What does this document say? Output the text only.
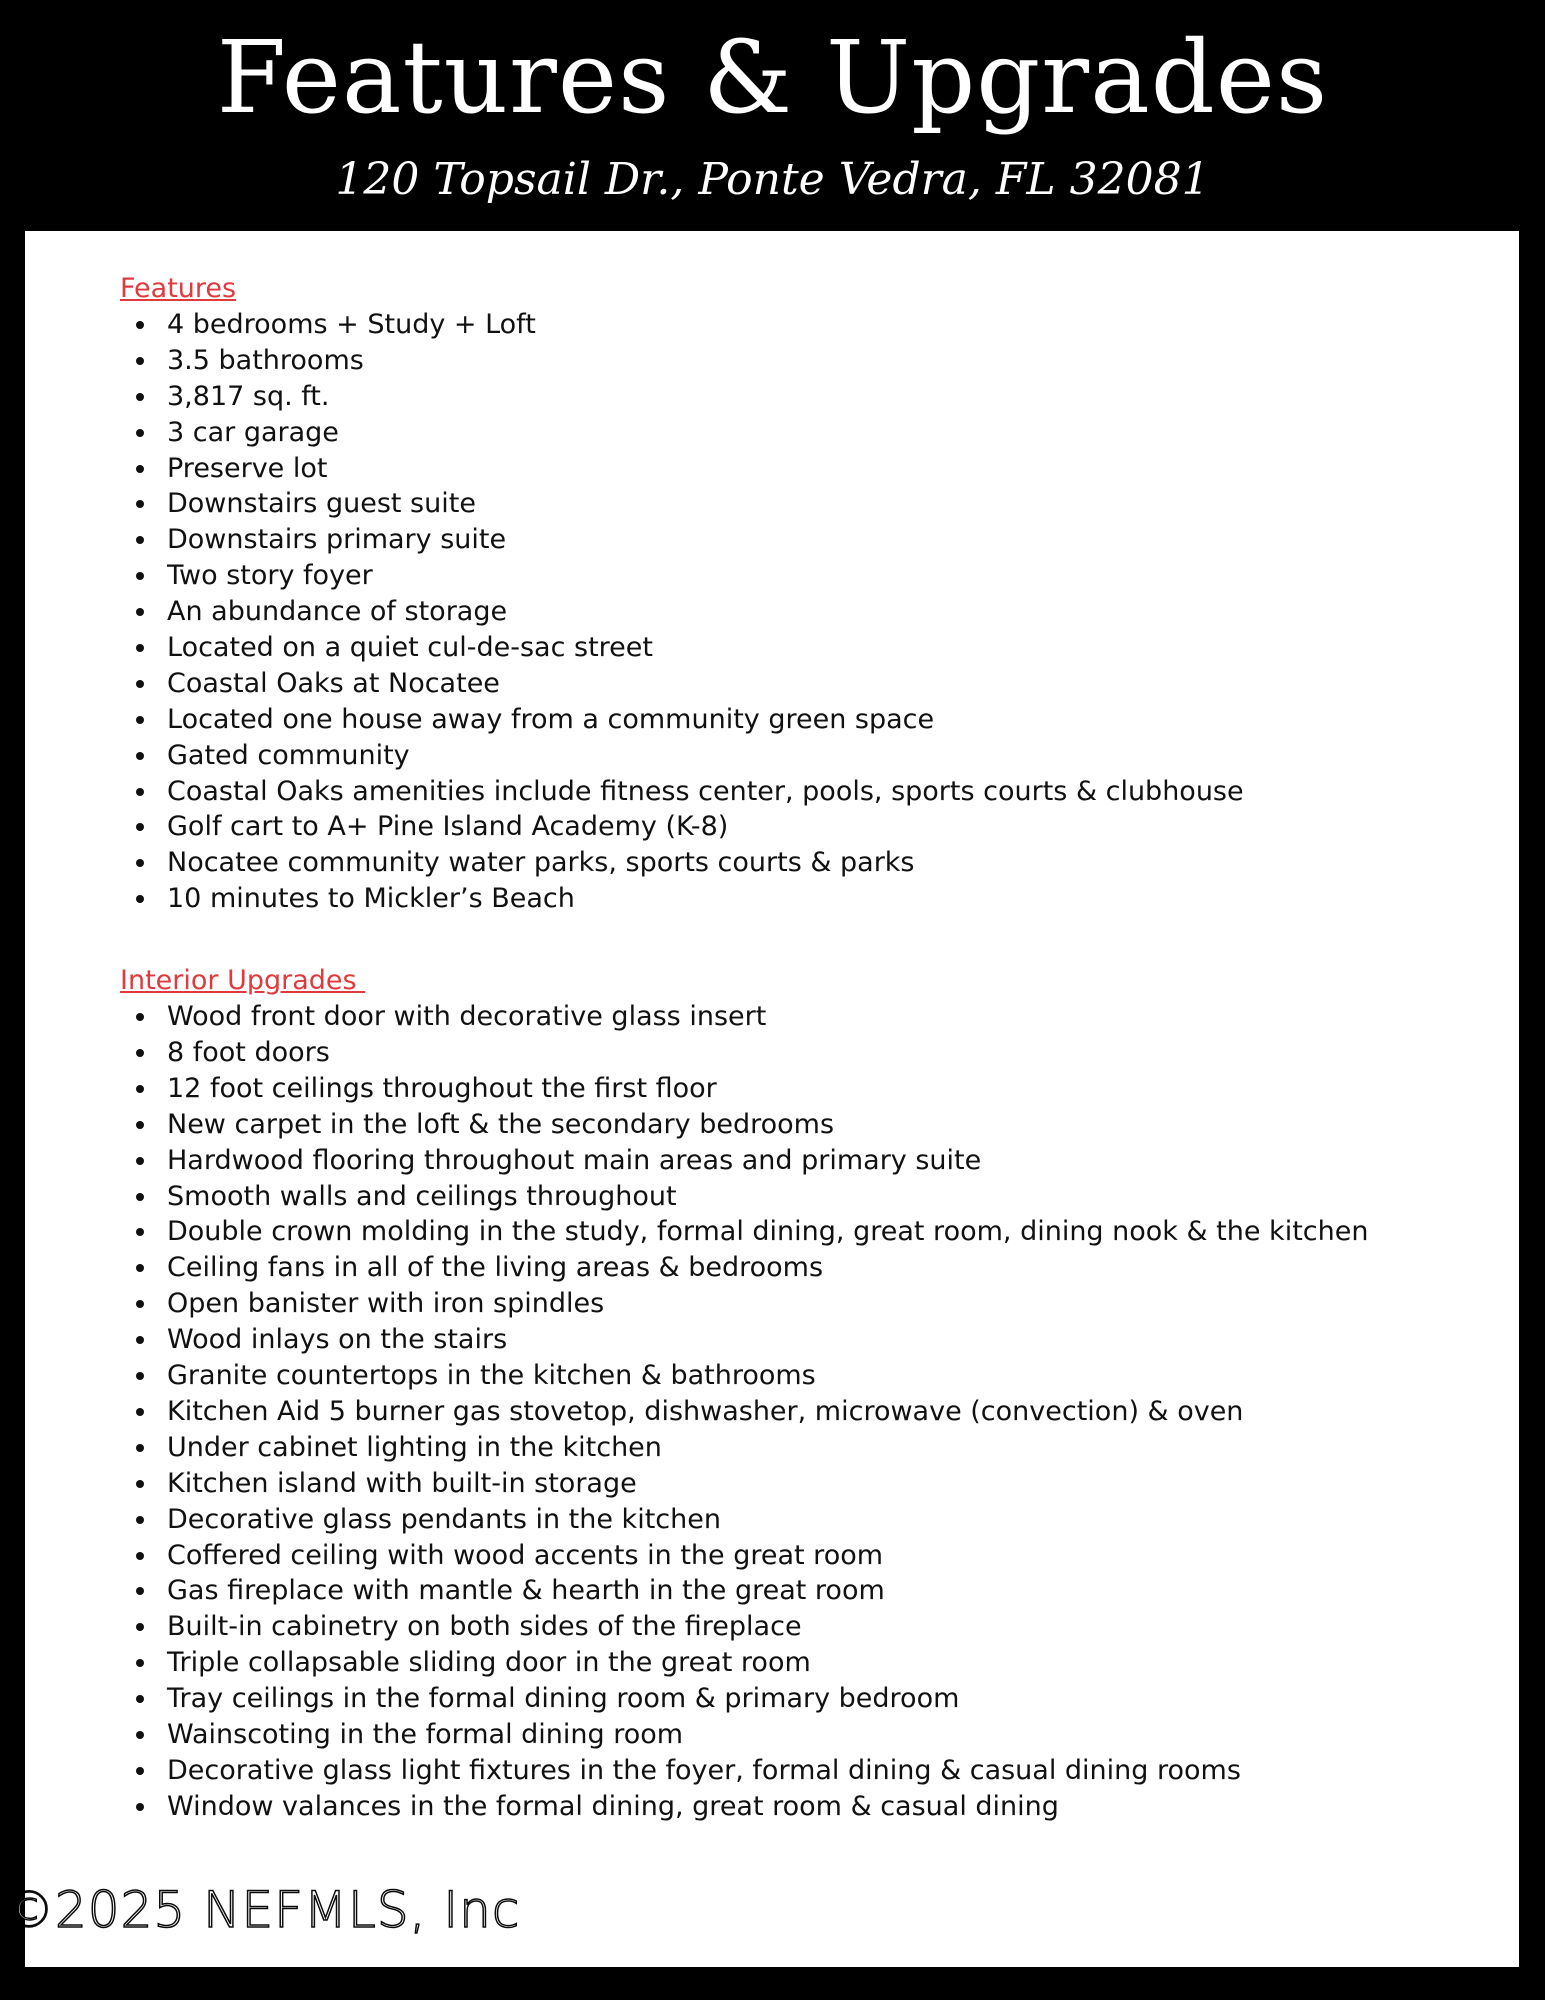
Features & Upgrades
120 Topsail Dr., Ponte Vedra, FL 32081
Features
4 bedrooms + Study + Loft
3.5 bathrooms
3,817 sq. ft.
3 car garage
Preserve lot
Downstairs guest suite
Downstairs primary suite
Two story foyer
An abundance of storage
Located on a quiet cul-de-sac street
Coastal Oaks at Nocatee
Located one house away from a community green space
Gated community
Coastal Oaks amenities include fitness center, pools, sports courts & clubhouse
Golf cart to A+ Pine Island Academy (K-8)
Nocatee community water parks, sports courts & parks
10 minutes to Mickler’s Beach
Interior Upgrades
Wood front door with decorative glass insert
8 foot doors
12 foot ceilings throughout the first floor
New carpet in the loft & the secondary bedrooms
Hardwood flooring throughout main areas and primary suite
Smooth walls and ceilings throughout
Double crown molding in the study, formal dining, great room, dining nook & the kitchen
Ceiling fans in all of the living areas & bedrooms
Open banister with iron spindles
Wood inlays on the stairs
Granite countertops in the kitchen & bathrooms
Kitchen Aid 5 burner gas stovetop, dishwasher, microwave (convection) & oven
Under cabinet lighting in the kitchen
Kitchen island with built-in storage
Decorative glass pendants in the kitchen
Coffered ceiling with wood accents in the great room
Gas fireplace with mantle & hearth in the great room
Built-in cabinetry on both sides of the fireplace
Triple collapsable sliding door in the great room
Tray ceilings in the formal dining room & primary bedroom
Wainscoting in the formal dining room
Decorative glass light fixtures in the foyer, formal dining & casual dining rooms
Window valances in the formal dining, great room & casual dining
©2025 NEFMLS, Inc
